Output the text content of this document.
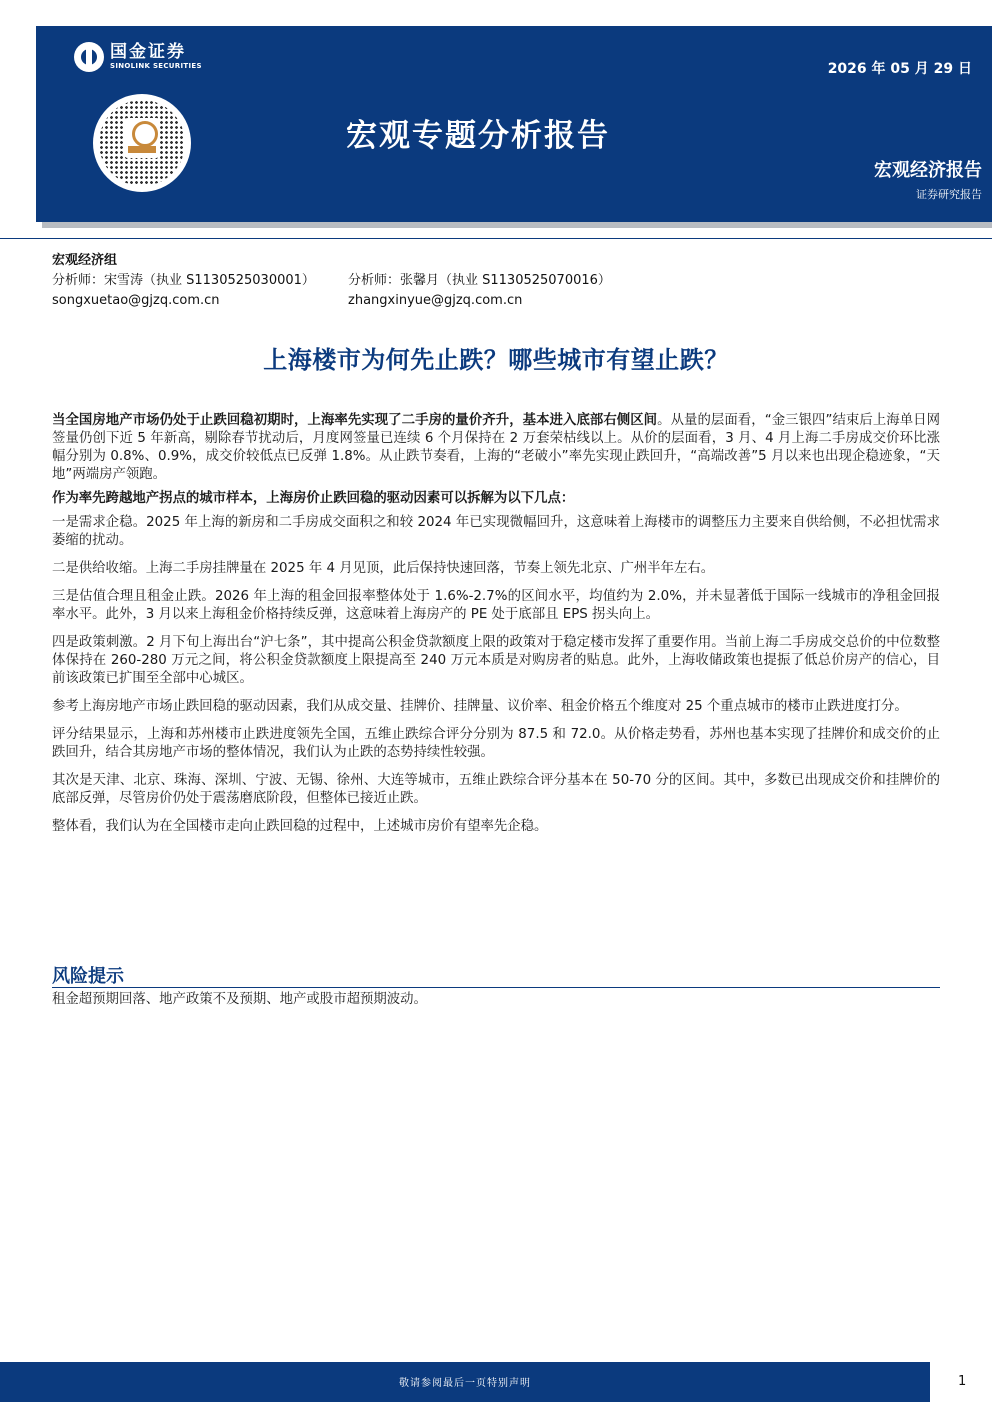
国金证券
SINOLINK SECURITIES
宏观专题分析报告
2026 年 05 月 29 日
宏观经济报告
证券研究报告
宏观经济组
分析师：宋雪涛（执业 S1130525030001）	分析师：张馨月（执业 S1130525070016）
songxuetao@gjzq.com.cn	zhangxinyue@gjzq.com.cn
上海楼市为何先止跌？哪些城市有望止跌？

当全国房地产市场仍处于止跌回稳初期时，上海率先实现了二手房的量价齐升，基本进入底部右侧区间。从量的层面看，“金三银四”结束后上海单日网签量仍创下近 5 年新高，剔除春节扰动后，月度网签量已连续 6 个月保持在 2 万套荣枯线以上。从价的层面看，3 月、4 月上海二手房成交价环比涨幅分别为 0.8%、0.9%，成交价较低点已反弹 1.8%。从止跌节奏看，上海的“老破小”率先实现止跌回升，“高端改善”5 月以来也出现企稳迹象，“天地”两端房产领跑。

作为率先跨越地产拐点的城市样本，上海房价止跌回稳的驱动因素可以拆解为以下几点：

一是需求企稳。2025 年上海的新房和二手房成交面积之和较 2024 年已实现微幅回升，这意味着上海楼市的调整压力主要来自供给侧，不必担忧需求萎缩的扰动。

二是供给收缩。上海二手房挂牌量在 2025 年 4 月见顶，此后保持快速回落，节奏上领先北京、广州半年左右。

三是估值合理且租金止跌。2026 年上海的租金回报率整体处于 1.6%-2.7%的区间水平，均值约为 2.0%，并未显著低于国际一线城市的净租金回报率水平。此外，3 月以来上海租金价格持续反弹，这意味着上海房产的 PE 处于底部且 EPS 拐头向上。

四是政策刺激。2 月下旬上海出台“沪七条”，其中提高公积金贷款额度上限的政策对于稳定楼市发挥了重要作用。当前上海二手房成交总价的中位数整体保持在 260-280 万元之间，将公积金贷款额度上限提高至 240 万元本质是对购房者的贴息。此外，上海收储政策也提振了低总价房产的信心，目前该政策已扩围至全部中心城区。

参考上海房地产市场止跌回稳的驱动因素，我们从成交量、挂牌价、挂牌量、议价率、租金价格五个维度对 25 个重点城市的楼市止跌进度打分。

评分结果显示，上海和苏州楼市止跌进度领先全国，五维止跌综合评分分别为 87.5 和 72.0。从价格走势看，苏州也基本实现了挂牌价和成交价的止跌回升，结合其房地产市场的整体情况，我们认为止跌的态势持续性较强。

其次是天津、北京、珠海、深圳、宁波、无锡、徐州、大连等城市，五维止跌综合评分基本在 50-70 分的区间。其中，多数已出现成交价和挂牌价的底部反弹，尽管房价仍处于震荡磨底阶段，但整体已接近止跌。

整体看，我们认为在全国楼市走向止跌回稳的过程中，上述城市房价有望率先企稳。

风险提示
租金超预期回落、地产政策不及预期、地产或股市超预期波动。
敬请参阅最后一页特别声明	1
